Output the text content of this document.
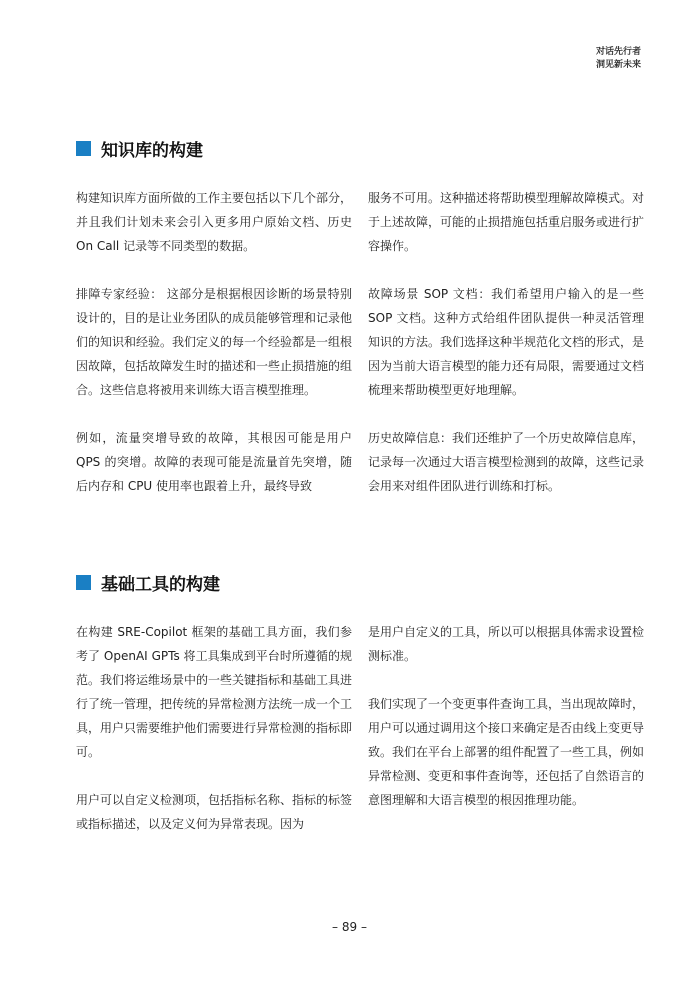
对话先行者
洞见新未来
知识库的构建

构建知识库方面所做的工作主要包括以下几个部分，并且我们计划未来会引入更多用户原始文档、历史 On Call 记录等不同类型的数据。

排障专家经验： 这部分是根据根因诊断的场景特别设计的，目的是让业务团队的成员能够管理和记录他们的知识和经验。我们定义的每一个经验都是一组根因故障，包括故障发生时的描述和一些止损措施的组合。这些信息将被用来训练大语言模型推理。

例如，流量突增导致的故障，其根因可能是用户 QPS 的突增。故障的表现可能是流量首先突增，随后内存和 CPU 使用率也跟着上升，最终导致

服务不可用。这种描述将帮助模型理解故障模式。对于上述故障，可能的止损措施包括重启服务或进行扩容操作。

故障场景 SOP 文档：我们希望用户输入的是一些 SOP 文档。这种方式给组件团队提供一种灵活管理知识的方法。我们选择这种半规范化文档的形式，是因为当前大语言模型的能力还有局限，需要通过文档梳理来帮助模型更好地理解。

历史故障信息：我们还维护了一个历史故障信息库，记录每一次通过大语言模型检测到的故障，这些记录会用来对组件团队进行训练和打标。

基础工具的构建

在构建 SRE-Copilot 框架的基础工具方面，我们参考了 OpenAI GPTs 将工具集成到平台时所遵循的规范。我们将运维场景中的一些关键指标和基础工具进行了统一管理，把传统的异常检测方法统一成一个工具，用户只需要维护他们需要进行异常检测的指标即可。

用户可以自定义检测项，包括指标名称、指标的标签或指标描述，以及定义何为异常表现。因为

是用户自定义的工具，所以可以根据具体需求设置检测标准。

我们实现了一个变更事件查询工具，当出现故障时，用户可以通过调用这个接口来确定是否由线上变更导致。我们在平台上部署的组件配置了一些工具，例如异常检测、变更和事件查询等，还包括了自然语言的意图理解和大语言模型的根因推理功能。

– 89 –
